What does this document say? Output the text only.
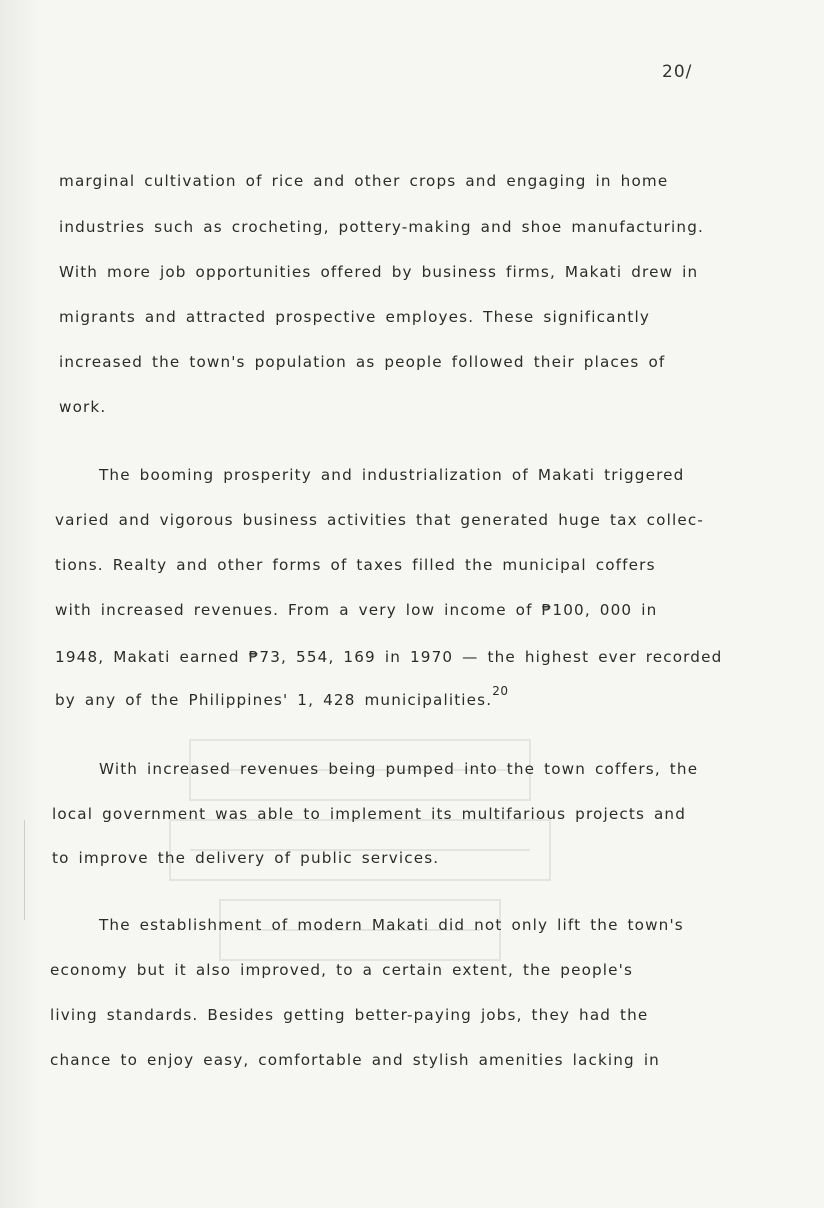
20/
marginal cultivation of rice and other crops and engaging in home
industries such as crocheting, pottery-making and shoe manufacturing.
With more job opportunities offered by business firms, Makati drew in
migrants and attracted prospective employes. These significantly
increased the town's population as people followed their places of
work.
The booming prosperity and industrialization of Makati triggered
varied and vigorous business activities that generated huge tax collec-
tions. Realty and other forms of taxes filled the municipal coffers
with increased revenues. From a very low income of ₱100, 000 in
1948, Makati earned ₱73, 554, 169 in 1970 — the highest ever recorded
by any of the Philippines' 1, 428 municipalities.$^{20}$
With increased revenues being pumped into the town coffers, the
local government was able to implement its multifarious projects and
to improve the delivery of public services.
The establishment of modern Makati did not only lift the town's
economy but it also improved, to a certain extent, the people's
living standards. Besides getting better-paying jobs, they had the
chance to enjoy easy, comfortable and stylish amenities lacking in
